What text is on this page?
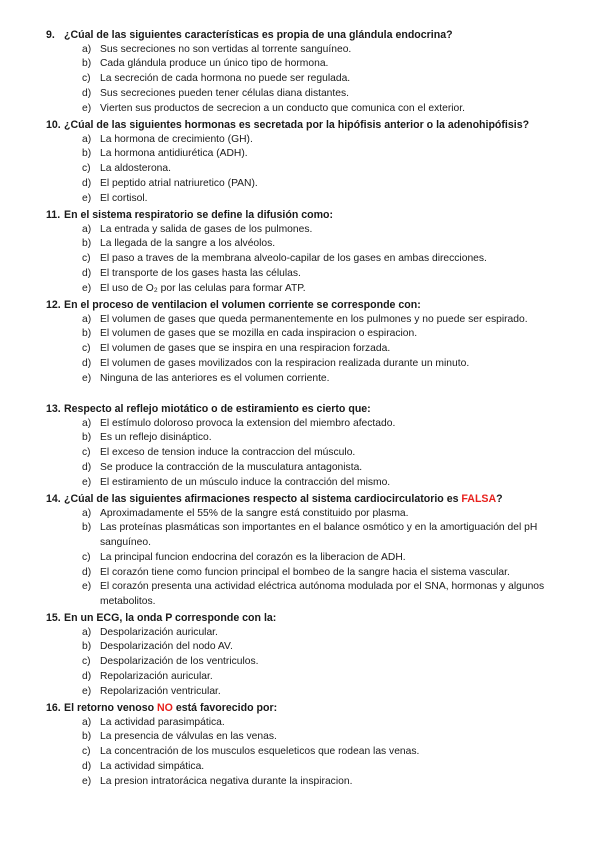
9. ¿Cúal de las siguientes características es propia de una glándula endocrina?
a) Sus secreciones no son vertidas al torrente sanguíneo.
b) Cada glándula produce un único tipo de hormona.
c) La secreción de cada hormona no puede ser regulada.
d) Sus secreciones pueden tener células diana distantes.
e) Vierten sus productos de secrecion a un conducto que comunica con el exterior.
10. ¿Cúal de las siguientes hormonas es secretada por la hipófisis anterior o la adenohipófisis?
a) La hormona de crecimiento (GH).
b) La hormona antidiurética (ADH).
c) La aldosterona.
d) El peptido atrial natriuretico (PAN).
e) El cortisol.
11. En el sistema respiratorio se define la difusión como:
a) La entrada y salida de gases de los pulmones.
b) La llegada de la sangre a los alvéolos.
c) El paso a traves de la membrana alveolo-capilar de los gases en ambas direcciones.
d) El transporte de los gases hasta las células.
e) El uso de O₂ por las celulas para formar ATP.
12. En el proceso de ventilacion el volumen corriente se corresponde con:
a) El volumen de gases que queda permanentemente en los pulmones y no puede ser espirado.
b) El volumen de gases que se mozilla en cada inspiracion o espiracion.
c) El volumen de gases que se inspira en una respiracion forzada.
d) El volumen de gases movilizados con la respiracion realizada durante un minuto.
e) Ninguna de las anteriores es el volumen corriente.
13. Respecto al reflejo miotático o de estiramiento es cierto que:
a) El estímulo doloroso provoca la extension del miembro afectado.
b) Es un reflejo disináptico.
c) El exceso de tension induce la contraccion del músculo.
d) Se produce la contracción de la musculatura antagonista.
e) El estiramiento de un músculo induce la contracción del mismo.
14. ¿Cúal de las siguientes afirmaciones respecto al sistema cardiocirculatorio es FALSA?
a) Aproximadamente el 55% de la sangre está constituido por plasma.
b) Las proteínas plasmáticas son importantes en el balance osmótico y en la amortiguación del pH sanguíneo.
c) La principal funcion endocrina del corazón es la liberacion de ADH.
d) El corazón tiene como funcion principal el bombeo de la sangre hacia el sistema vascular.
e) El corazón presenta una actividad eléctrica autónoma modulada por el SNA, hormonas y algunos metabolitos.
15. En un ECG, la onda P corresponde con la:
a) Despolarización auricular.
b) Despolarización del nodo AV.
c) Despolarización de los ventriculos.
d) Repolarización auricular.
e) Repolarización ventricular.
16. El retorno venoso NO está favorecido por:
a) La actividad parasimpática.
b) La presencia de válvulas en las venas.
c) La concentración de los musculos esqueleticos que rodean las venas.
d) La actividad simpática.
e) La presion intratorácica negativa durante la inspiracion.
